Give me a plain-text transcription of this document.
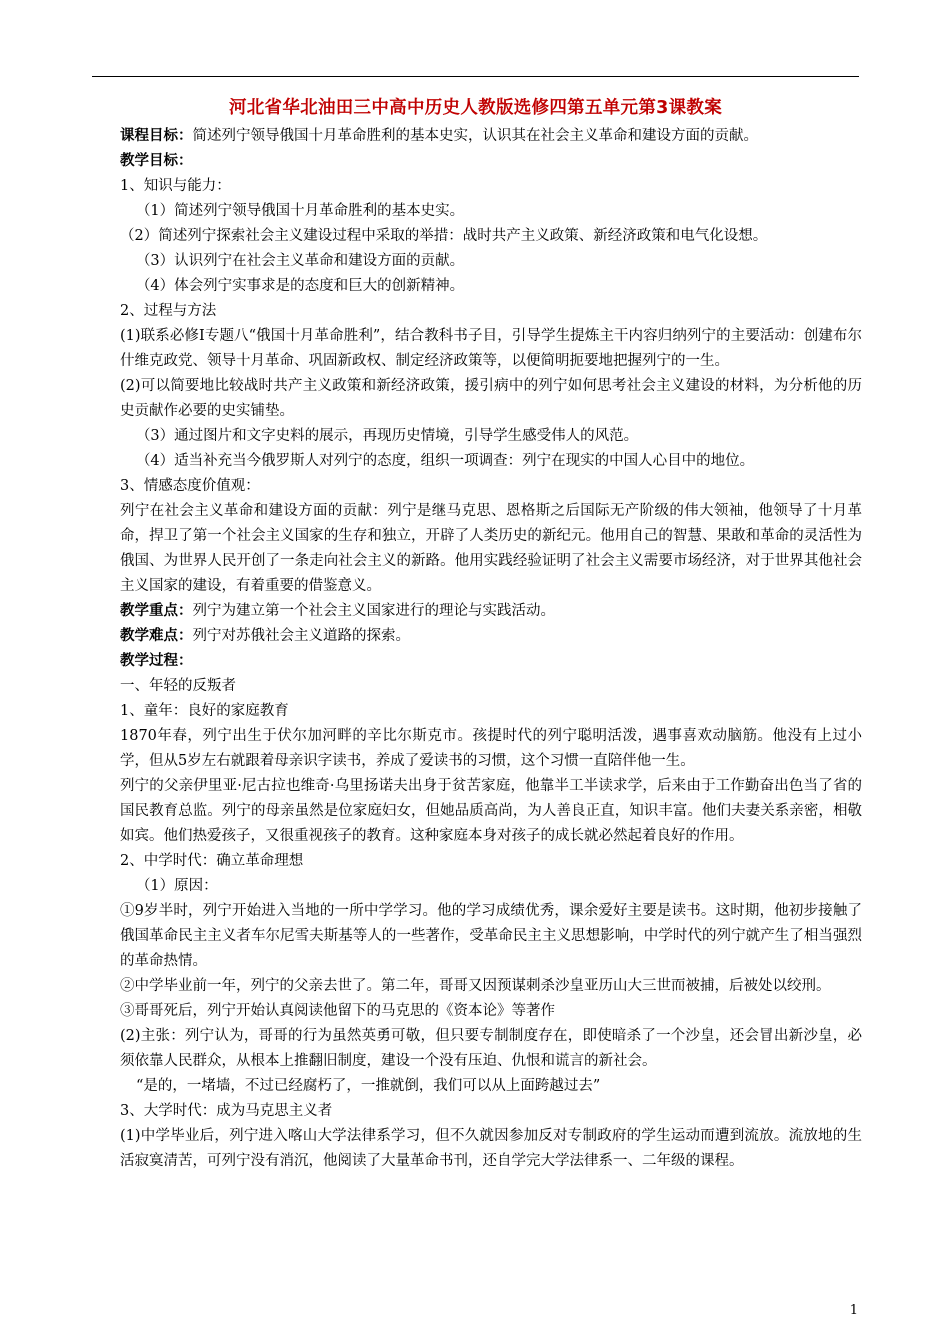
河北省华北油田三中高中历史人教版选修四第五单元第3课教案

课程目标：简述列宁领导俄国十月革命胜利的基本史实，认识其在社会主义革命和建设方面的贡献。

教学目标：

1、知识与能力：

（1）简述列宁领导俄国十月革命胜利的基本史实。

（2）简述列宁探索社会主义建设过程中采取的举措：战时共产主义政策、新经济政策和电气化设想。

（3）认识列宁在社会主义革命和建设方面的贡献。

（4）体会列宁实事求是的态度和巨大的创新精神。

2、过程与方法

(1)联系必修Ⅰ专题八“俄国十月革命胜利”，结合教科书子目，引导学生提炼主干内容归纳列宁的主要活动：创建布尔什维克政党、领导十月革命、巩固新政权、制定经济政策等，以便简明扼要地把握列宁的一生。

(2)可以简要地比较战时共产主义政策和新经济政策，援引病中的列宁如何思考社会主义建设的材料，为分析他的历史贡献作必要的史实铺垫。

（3）通过图片和文字史料的展示，再现历史情境，引导学生感受伟人的风范。

（4）适当补充当今俄罗斯人对列宁的态度，组织一项调查：列宁在现实的中国人心目中的地位。

3、情感态度价值观：

列宁在社会主义革命和建设方面的贡献：列宁是继马克思、恩格斯之后国际无产阶级的伟大领袖，他领导了十月革命，捍卫了第一个社会主义国家的生存和独立，开辟了人类历史的新纪元。他用自己的智慧、果敢和革命的灵活性为俄国、为世界人民开创了一条走向社会主义的新路。他用实践经验证明了社会主义需要市场经济，对于世界其他社会主义国家的建设，有着重要的借鉴意义。

教学重点：列宁为建立第一个社会主义国家进行的理论与实践活动。

教学难点：列宁对苏俄社会主义道路的探索。

教学过程：

一、年轻的反叛者

1、童年：良好的家庭教育

1870年春，列宁出生于伏尔加河畔的辛比尔斯克市。孩提时代的列宁聪明活泼，遇事喜欢动脑筋。他没有上过小学，但从5岁左右就跟着母亲识字读书，养成了爱读书的习惯，这个习惯一直陪伴他一生。

列宁的父亲伊里亚·尼古拉也维奇·乌里扬诺夫出身于贫苦家庭，他靠半工半读求学，后来由于工作勤奋出色当了省的国民教育总监。列宁的母亲虽然是位家庭妇女，但她品质高尚，为人善良正直，知识丰富。他们夫妻关系亲密，相敬如宾。他们热爱孩子，又很重视孩子的教育。这种家庭本身对孩子的成长就必然起着良好的作用。

2、中学时代：确立革命理想

（1）原因：

①9岁半时，列宁开始进入当地的一所中学学习。他的学习成绩优秀，课余爱好主要是读书。这时期，他初步接触了俄国革命民主主义者车尔尼雪夫斯基等人的一些著作，受革命民主主义思想影响，中学时代的列宁就产生了相当强烈的革命热情。

②中学毕业前一年，列宁的父亲去世了。第二年，哥哥又因预谋刺杀沙皇亚历山大三世而被捕，后被处以绞刑。

③哥哥死后，列宁开始认真阅读他留下的马克思的《资本论》等著作

(2)主张：列宁认为，哥哥的行为虽然英勇可敬，但只要专制制度存在，即使暗杀了一个沙皇，还会冒出新沙皇，必须依靠人民群众，从根本上推翻旧制度，建设一个没有压迫、仇恨和谎言的新社会。

“是的，一堵墙，不过已经腐朽了，一推就倒，我们可以从上面跨越过去”

3、大学时代：成为马克思主义者

(1)中学毕业后，列宁进入喀山大学法律系学习，但不久就因参加反对专制政府的学生运动而遭到流放。流放地的生活寂寞清苦，可列宁没有消沉，他阅读了大量革命书刊，还自学完大学法律系一、二年级的课程。

1
